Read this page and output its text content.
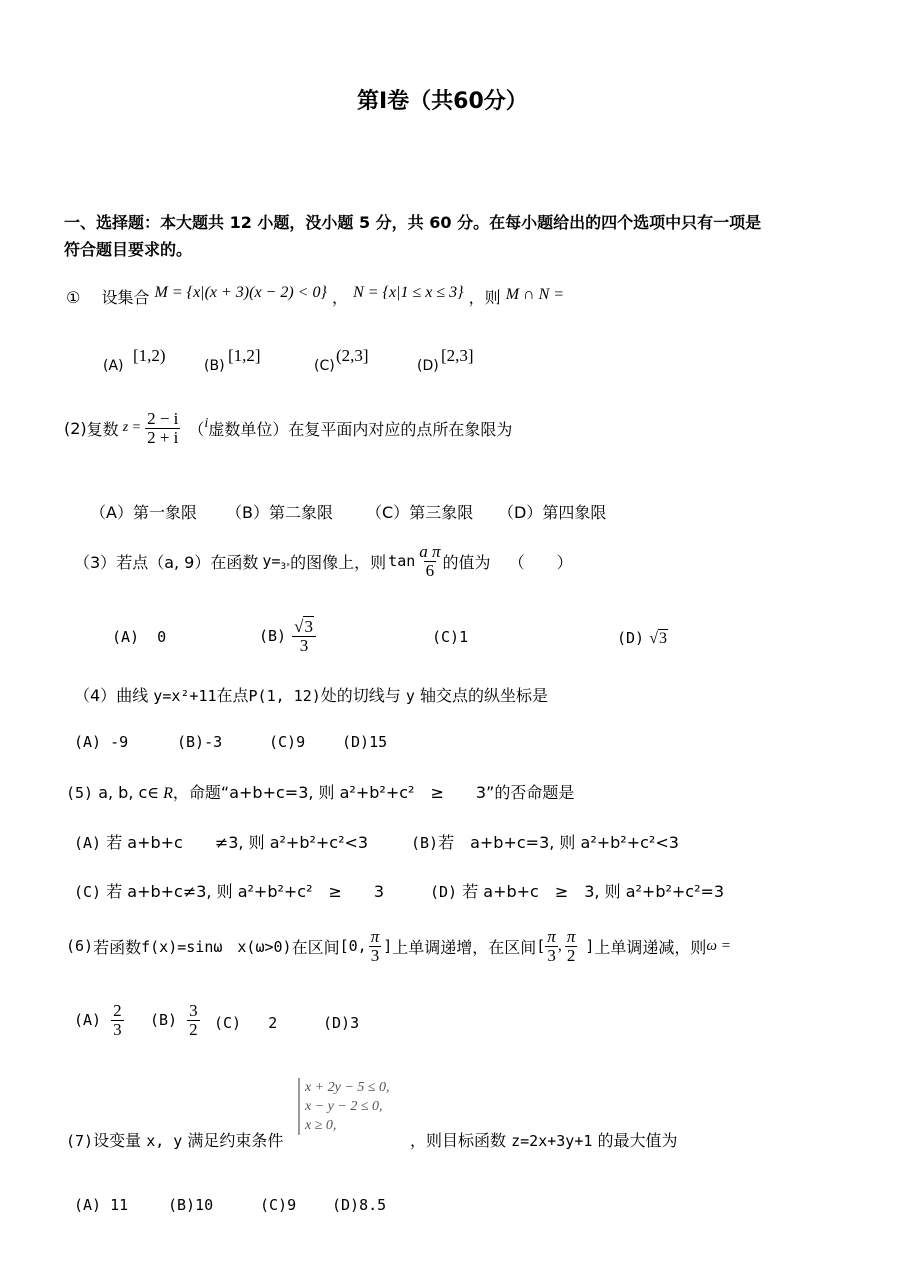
第Ⅰ卷（共60分）
一、选择题：本大题共 12 小题，没小题 5 分，共 60 分。在每小题给出的四个选项中只有一项是
符合题目要求的。
①　 设集合 M = {x|(x + 3)(x − 2) < 0} ， N = {x|1 ≤ x ≤ 3} ，则 M ∩ N =
(A)
[1,2)
(B)
[1,2]
(C)
(2,3]
(D)
[2,3]
(2) 复数 $z = \frac{2 - i}{2 + i}$ （ i 虚数单位）在复平面内对应的点所在象限为
（A）第一象限 （B）第二象限 （C）第三象限 （D）第四象限
（3） 若点（a, 9）在函数 y= 3ˣ 的图像上，则 $\tan \frac{\text{a π}}{6}$ 的值为 （　　）
(A) 0	$(B) \frac{√3}{3}$	(C)1	(D) √3
（4）曲线 y=x²+11在点P(1, 12)处的切线与 y 轴交点的纵坐标是
(A) -9	(B)-3	(C)9 (D)15
(5) a, b, c∈ R，命题“a+b+c=3, 则 a²+b²+c²　≥　　3”的否命题是
(A) 若 a+b+c　　≠3, 则 a²+b²+c²<3	(B)若　a+b+c=3, 则 a²+b²+c²<3
(C) 若 a+b+c≠3, 则 a²+b²+c²　≥　　3	(D) 若 a+b+c　≥　3, 则 a²+b²+c²=3
(6) 若函数 f(x)=sinω　x(ω>0) 在区间 [0, $\frac{\pi}{3}$ ] 上单调递增，在区间 [ $\frac{\pi}{3}$ , $\frac{\pi}{2}$ ] 上单调递减，则 ω =
$(A) \frac{2}{3} (B) \frac{3}{2} (C)$ 2	(D)3
x + 2y − 5 ≤ 0,
x − y − 2 ≤ 0,
x ≥ 0,
(7)设变量 x, y 满足约束条件	，则目标函数 z=2x+3y+1 的最大值为
(A) 11	(B)10	(C)9 (D)8.5
